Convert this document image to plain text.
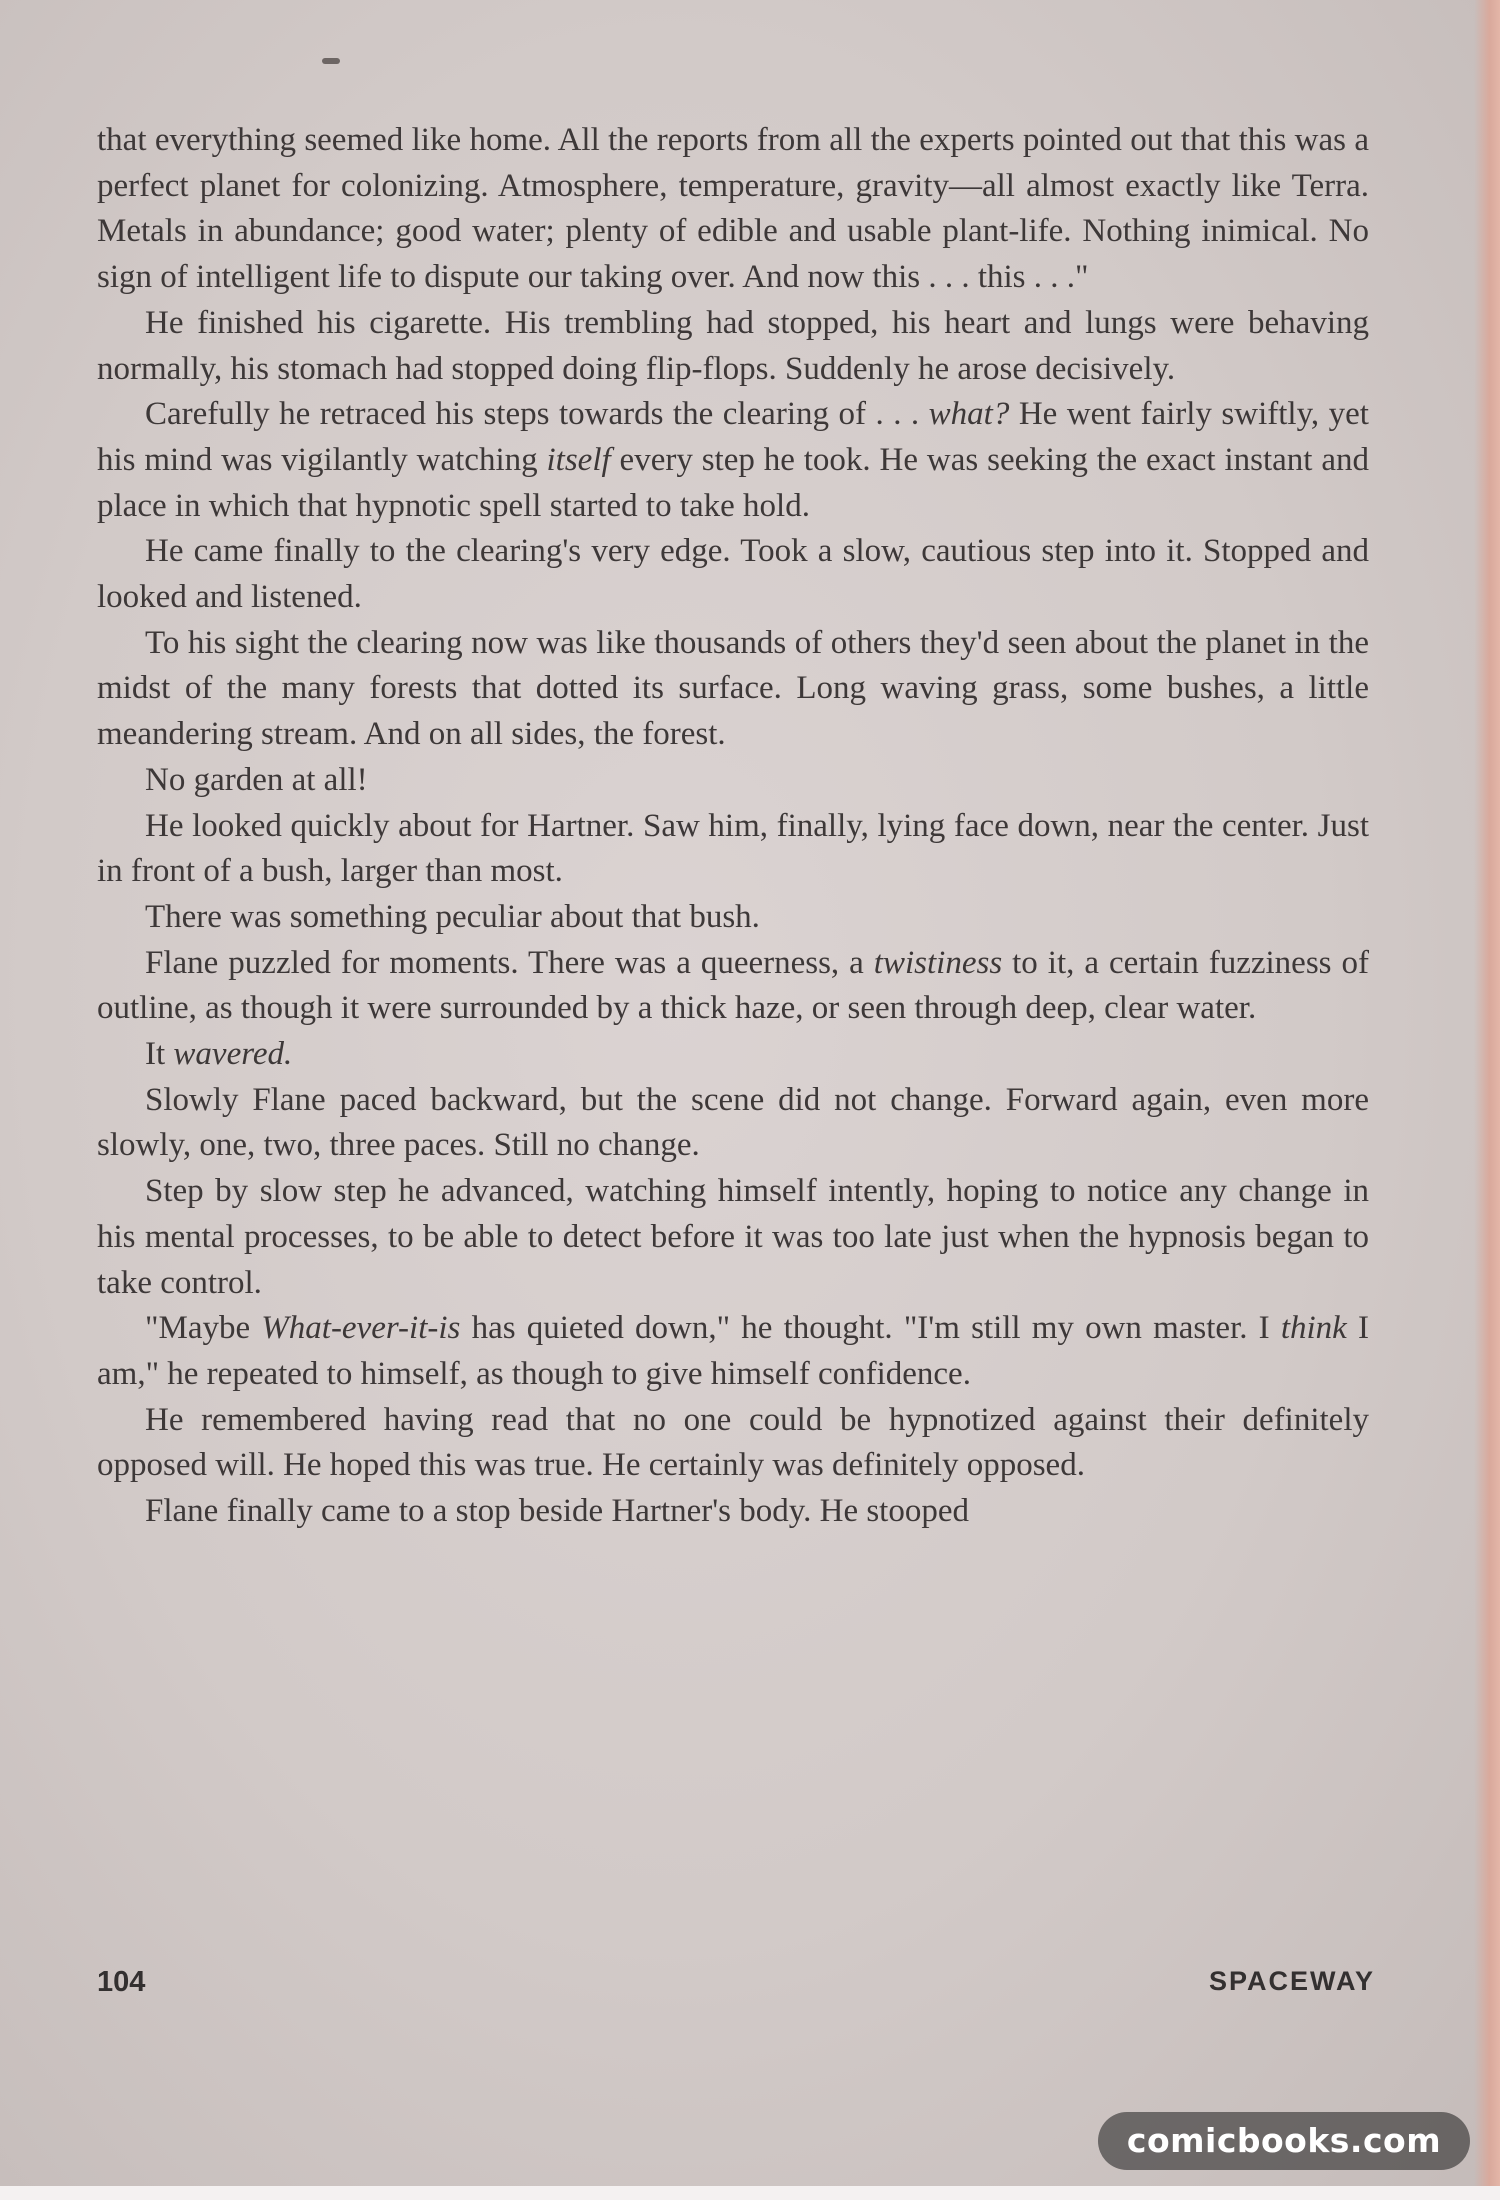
that everything seemed like home. All the reports from all the experts pointed out that this was a perfect planet for colonizing. Atmosphere, temperature, gravity—all almost exactly like Terra. Metals in abundance; good water; plenty of edible and usable plant-life. Nothing inimical. No sign of intelligent life to dispute our taking over. And now this . . . this . . ."

He finished his cigarette. His trembling had stopped, his heart and lungs were behaving normally, his stomach had stopped doing flip-flops. Suddenly he arose decisively.

Carefully he retraced his steps towards the clearing of . . . what? He went fairly swiftly, yet his mind was vigilantly watching itself every step he took. He was seeking the exact instant and place in which that hypnotic spell started to take hold.

He came finally to the clearing's very edge. Took a slow, cautious step into it. Stopped and looked and listened.

To his sight the clearing now was like thousands of others they'd seen about the planet in the midst of the many forests that dotted its surface. Long waving grass, some bushes, a little meandering stream. And on all sides, the forest.

No garden at all!

He looked quickly about for Hartner. Saw him, finally, lying face down, near the center. Just in front of a bush, larger than most.

There was something peculiar about that bush.

Flane puzzled for moments. There was a queerness, a twistiness to it, a certain fuzziness of outline, as though it were surrounded by a thick haze, or seen through deep, clear water.

It wavered.

Slowly Flane paced backward, but the scene did not change. Forward again, even more slowly, one, two, three paces. Still no change.

Step by slow step he advanced, watching himself intently, hoping to notice any change in his mental processes, to be able to detect before it was too late just when the hypnosis began to take control.

"Maybe What-ever-it-is has quieted down," he thought. "I'm still my own master. I think I am," he repeated to himself, as though to give himself confidence.

He remembered having read that no one could be hypnotized against their definitely opposed will. He hoped this was true. He certainly was definitely opposed.

Flane finally came to a stop beside Hartner's body. He stooped

104	SPACEWAY
comicbooks.com
